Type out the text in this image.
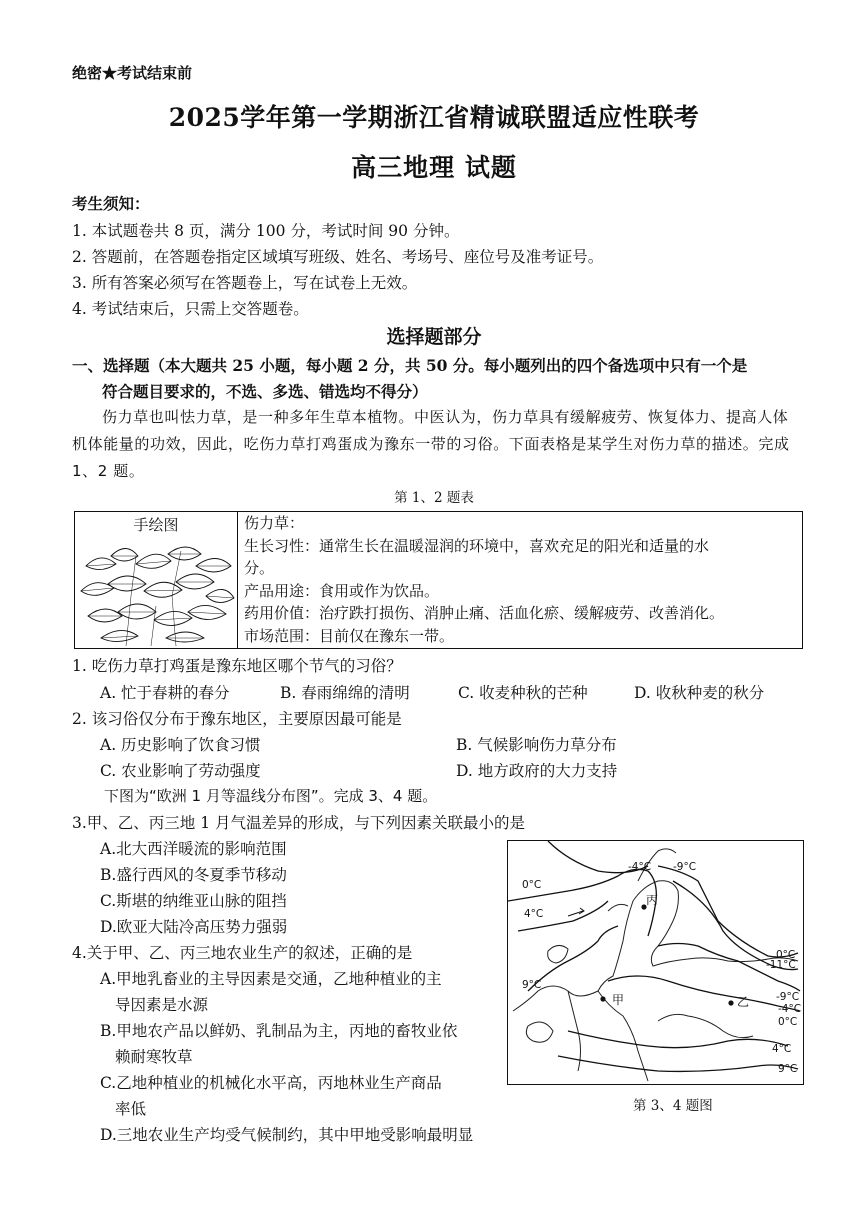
绝密★考试结束前
2025学年第一学期浙江省精诚联盟适应性联考
高三地理 试题
考生须知：
1. 本试题卷共 8 页，满分 100 分，考试时间 90 分钟。
2. 答题前，在答题卷指定区域填写班级、姓名、考场号、座位号及准考证号。
3. 所有答案必须写在答题卷上，写在试卷上无效。
4. 考试结束后，只需上交答题卷。
选择题部分
一、选择题（本大题共 25 小题，每小题 2 分，共 50 分。每小题列出的四个备选项中只有一个是
符合题目要求的，不选、多选、错选均不得分）
伤力草也叫怯力草，是一种多年生草本植物。中医认为，伤力草具有缓解疲劳、恢复体力、提高人体机体能量的功效，因此，吃伤力草打鸡蛋成为豫东一带的习俗。下面表格是某学生对伤力草的描述。完成 1、2 题。
第 1、2 题表
手绘图	伤力草：
生长习性：通常生长在温暖湿润的环境中，喜欢充足的阳光和适量的水
分。
产品用途：食用或作为饮品。
药用价值：治疗跌打损伤、消肿止痛、活血化瘀、缓解疲劳、改善消化。
市场范围：目前仅在豫东一带。
1. 吃伤力草打鸡蛋是豫东地区哪个节气的习俗？
A. 忙于春耕的春分	B. 春雨绵绵的清明	C. 收麦种秋的芒种	D. 收秋种麦的秋分
2. 该习俗仅分布于豫东地区，主要原因最可能是
A. 历史影响了饮食习惯	B. 气候影响伤力草分布
C. 农业影响了劳动强度	D. 地方政府的大力支持
下图为“欧洲 1 月等温线分布图”。完成 3、4 题。
3.甲、乙、丙三地 1 月气温差异的形成，与下列因素关联最小的是
A.北大西洋暖流的影响范围
B.盛行西风的冬夏季节移动
C.斯堪的纳维亚山脉的阻挡
D.欧亚大陆冷高压势力强弱
4.关于甲、乙、丙三地农业生产的叙述，正确的是
A.甲地乳畜业的主导因素是交通，乙地种植业的主
导因素是水源
B.甲地农产品以鲜奶、乳制品为主，丙地的畜牧业依
赖耐寒牧草
C.乙地种植业的机械化水平高，丙地林业生产商品
率低
D.三地农业生产均受气候制约，其中甲地受影响最明显
-4°C -9°C
0°C
4°C
9°C
0°C
-11°C
-9°C
-4°C
0°C
4°C
9°C
甲	乙
丙
第 3、4 题图
